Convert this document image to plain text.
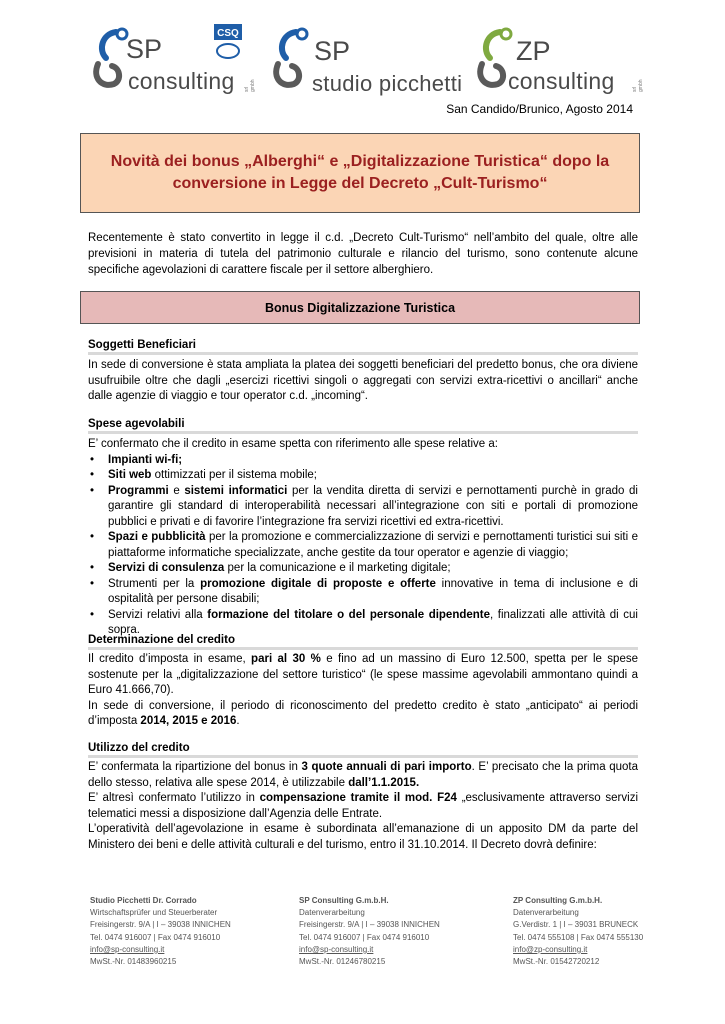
SP
consulting srl gmbh
CSQ
SP
studio picchetti
ZP
consulting	srl gmbh
San Candido/Brunico, Agosto 2014
Novità dei bonus „Alberghi“ e „Digitalizzazione Turistica“ dopo la
conversione in Legge del Decreto „Cult-Turismo“
Recentemente è stato convertito in legge il c.d. „Decreto Cult-Turismo“ nell’ambito del quale, oltre alle previsioni in materia di tutela del patrimonio culturale e rilancio del turismo, sono contenute alcune specifiche agevolazioni di carattere fiscale per il settore alberghiero.
Bonus Digitalizzazione Turistica
Soggetti Beneficiari
In sede di conversione è stata ampliata la platea dei soggetti beneficiari del predetto bonus, che ora diviene usufruibile oltre che dagli „esercizi ricettivi singoli o aggregati con servizi extra-ricettivi o ancillari“ anche dalle agenzie di viaggio e tour operator c.d. „incoming“.
Spese agevolabili

E’ confermato che il credito in esame spetta con riferimento alle spese relative a:

• Impianti wi-fi;
• Siti web ottimizzati per il sistema mobile;
• Programmi e sistemi informatici per la vendita diretta di servizi e pernottamenti purchè in grado di garantire gli standard di interoperabilità necessari all’integrazione con siti e portali di promozione pubblici e privati e di favorire l’integrazione fra servizi ricettivi ed extra-ricettivi.
• Spazi e pubblicità per la promozione e commercializzazione di servizi e pernottamenti turistici sui siti e piattaforme informatiche specializzate, anche gestite da tour operator e agenzie di viaggio;
• Servizi di consulenza per la comunicazione e il marketing digitale;
• Strumenti per la promozione digitale di proposte e offerte innovative in tema di inclusione e di ospitalità per persone disabili;
• Servizi relativi alla formazione del titolare o del personale dipendente, finalizzati alle attività di cui sopra.
Determinazione del credito

Il credito d’imposta in esame, pari al 30 % e fino ad un massino di Euro 12.500, spetta per le spese sostenute per la „digitalizzazione del settore turistico“ (le spese massime agevolabili ammontano quindi a Euro 41.666,70).

In sede di conversione, il periodo di riconoscimento del predetto credito è stato „anticipato“ ai periodi d’imposta 2014, 2015 e 2016.

Utilizzo del credito

E’ confermata la ripartizione del bonus in 3 quote annuali di pari importo. E’ precisato che la prima quota dello stesso, relativa alle spese 2014, è utilizzabile dall’1.1.2015.

E’ altresì confermato l’utilizzo in compensazione tramite il mod. F24 „esclusivamente attraverso servizi telematici messi a disposizione dall’Agenzia delle Entrate.

L’operatività dell’agevolazione in esame è subordinata all’emanazione di un apposito DM da parte del Ministero dei beni e delle attività culturali e del turismo, entro il 31.10.2014. Il Decreto dovrà definire:

Studio Picchetti Dr. Corrado
Wirtschaftsprüfer und Steuerberater
Freisingerstr. 9/A | I – 39038 INNICHEN
Tel. 0474 916007 | Fax 0474 916010
info@sp-consulting.it
MwSt.-Nr. 01483960215
SP Consulting G.m.b.H.
Datenverarbeitung
Freisingerstr. 9/A | I – 39038 INNICHEN
Tel. 0474 916007 | Fax 0474 916010
info@sp-consulting.it
MwSt.-Nr. 01246780215
ZP Consulting G.m.b.H.
Datenverarbeitung
G.Verdistr. 1 | I – 39031 BRUNECK
Tel. 0474 555108 | Fax 0474 555130
info@zp-consulting.it
MwSt.-Nr. 01542720212
